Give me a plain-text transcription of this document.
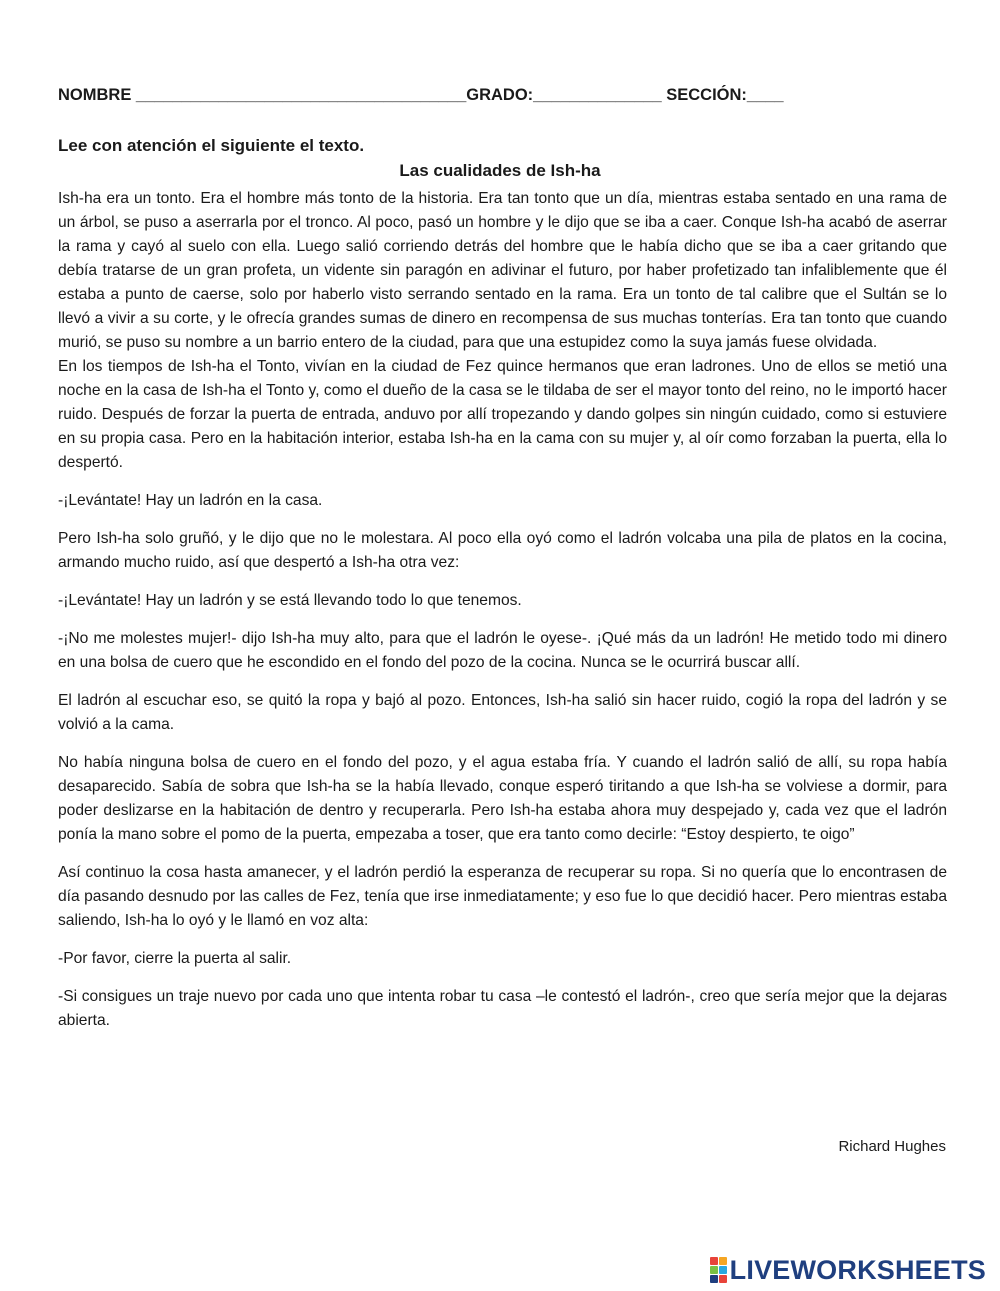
NOMBRE ____________________________________GRADO:______________ SECCIÓN:____
Lee con atención el siguiente el texto.
Las cualidades de Ish-ha

Ish-ha era un tonto. Era el hombre más tonto de la historia. Era tan tonto que un día, mientras estaba sentado en una rama de un árbol, se puso a aserrarla por el tronco. Al poco, pasó un hombre y le dijo que se iba a caer. Conque Ish-ha acabó de aserrar la rama y cayó al suelo con ella. Luego salió corriendo detrás del hombre que le había dicho que se iba a caer gritando que debía tratarse de un gran profeta, un vidente sin paragón en adivinar el futuro, por haber profetizado tan infaliblemente que él estaba a punto de caerse, solo por haberlo visto serrando sentado en la rama. Era un tonto de tal calibre que el Sultán se lo llevó a vivir a su corte, y le ofrecía grandes sumas de dinero en recompensa de sus muchas tonterías. Era tan tonto que cuando murió, se puso su nombre a un barrio entero de la ciudad, para que una estupidez como la suya jamás fuese olvidada.

En los tiempos de Ish-ha el Tonto, vivían en la ciudad de Fez quince hermanos que eran ladrones. Uno de ellos se metió una noche en la casa de Ish-ha el Tonto y, como el dueño de la casa se le tildaba de ser el mayor tonto del reino, no le importó hacer ruido. Después de forzar la puerta de entrada, anduvo por allí tropezando y dando golpes sin ningún cuidado, como si estuviere en su propia casa. Pero en la habitación interior, estaba Ish-ha en la cama con su mujer y, al oír como forzaban la puerta, ella lo despertó.

-¡Levántate! Hay un ladrón en la casa.

Pero Ish-ha solo gruñó, y le dijo que no le molestara. Al poco ella oyó como el ladrón volcaba una pila de platos en la cocina, armando mucho ruido, así que despertó a Ish-ha otra vez:

-¡Levántate! Hay un ladrón y se está llevando todo lo que tenemos.

-¡No me molestes mujer!- dijo Ish-ha muy alto, para que el ladrón le oyese-. ¡Qué más da un ladrón! He metido todo mi dinero en una bolsa de cuero que he escondido en el fondo del pozo de la cocina. Nunca se le ocurrirá buscar allí.

El ladrón al escuchar eso, se quitó la ropa y bajó al pozo. Entonces, Ish-ha salió sin hacer ruido, cogió la ropa del ladrón y se volvió a la cama.

No había ninguna bolsa de cuero en el fondo del pozo, y el agua estaba fría. Y cuando el ladrón salió de allí, su ropa había desaparecido. Sabía de sobra que Ish-ha se la había llevado, conque esperó tiritando a que Ish-ha se volviese a dormir, para poder deslizarse en la habitación de dentro y recuperarla. Pero Ish-ha estaba ahora muy despejado y, cada vez que el ladrón ponía la mano sobre el pomo de la puerta, empezaba a toser, que era tanto como decirle: “Estoy despierto, te oigo”

Así continuo la cosa hasta amanecer, y el ladrón perdió la esperanza de recuperar su ropa. Si no quería que lo encontrasen de día pasando desnudo por las calles de Fez, tenía que irse inmediatamente; y eso fue lo que decidió hacer. Pero mientras estaba saliendo, Ish-ha lo oyó y le llamó en voz alta:

-Por favor, cierre la puerta al salir.

-Si consigues un traje nuevo por cada uno que intenta robar tu casa –le contestó el ladrón-, creo que sería mejor que la dejaras abierta.

Richard Hughes
LIVEWORKSHEETS
